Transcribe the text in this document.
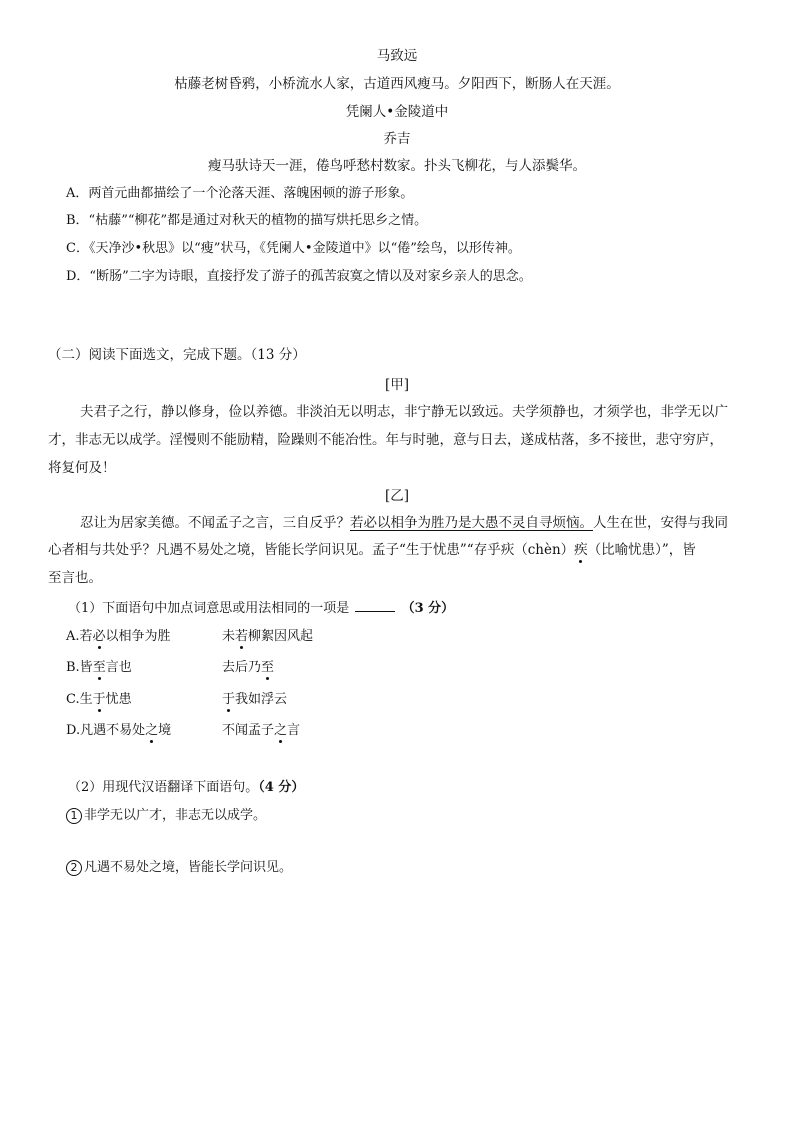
马致远
枯藤老树昏鸦，小桥流水人家，古道西风瘦马。夕阳西下，断肠人在天涯。
凭阑人•金陵道中
乔吉
瘦马驮诗天一涯，倦鸟呼愁村数家。扑头飞柳花，与人添鬓华。
A．两首元曲都描绘了一个沦落天涯、落魄困顿的游子形象。
B．“枯藤”“柳花”都是通过对秋天的植物的描写烘托思乡之情。
C．《天净沙•秋思》以“瘦”状马，《凭阑人•金陵道中》以“倦”绘鸟，以形传神。
D．“断肠”二字为诗眼，直接抒发了游子的孤苦寂寞之情以及对家乡亲人的思念。
（二）阅读下面选文，完成下题。（13 分）
[甲]
夫君子之行，静以修身，俭以养德。非淡泊无以明志，非宁静无以致远。夫学须静也，才须学也，非学无以广
才，非志无以成学。淫慢则不能励精，险躁则不能冶性。年与时驰，意与日去，遂成枯落，多不接世，悲守穷庐，
将复何及！
[乙]
忍让为居家美德。不闻孟子之言，三自反乎？若必以相争为胜乃是大愚不灵自寻烦恼。人生在世，安得与我同
心者相与共处乎？凡遇不易处之境，皆能长学问识见。孟子“生于忧患”“存乎疢（chèn）疾（比喻忧患）”，皆
至言也。
（1）下面语句中加点词意思或用法相同的一项是	（3 分）
A.若必以相争为胜	未若柳絮因风起
B.皆至言也	去后乃至
C.生于忧患	于我如浮云
D.凡遇不易处之境	不闻孟子之言
（2）用现代汉语翻译下面语句。（4 分）
1 非学无以广才，非志无以成学。
2 凡遇不易处之境，皆能长学问识见。
